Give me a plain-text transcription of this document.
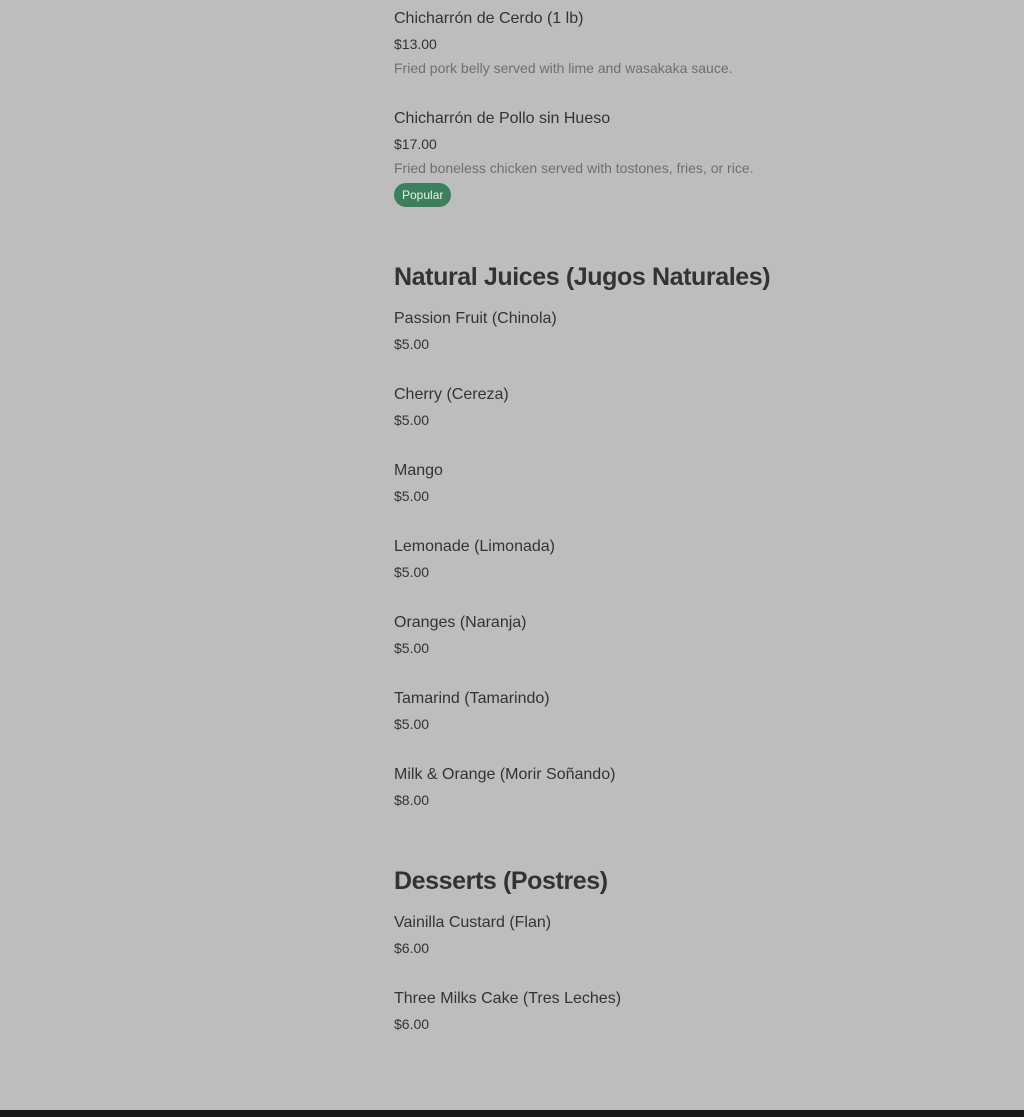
Chicharrón de Cerdo (1 lb)
$13.00
Fried pork belly served with lime and wasakaka sauce.
Chicharrón de Pollo sin Hueso
$17.00
Fried boneless chicken served with tostones, fries, or rice.
Popular
Natural Juices (Jugos Naturales)
Passion Fruit (Chinola)
$5.00
Cherry (Cereza)
$5.00
Mango
$5.00
Lemonade (Limonada)
$5.00
Oranges (Naranja)
$5.00
Tamarind (Tamarindo)
$5.00
Milk & Orange (Morir Soñando)
$8.00
Desserts (Postres)
Vainilla Custard (Flan)
$6.00
Three Milks Cake (Tres Leches)
$6.00
